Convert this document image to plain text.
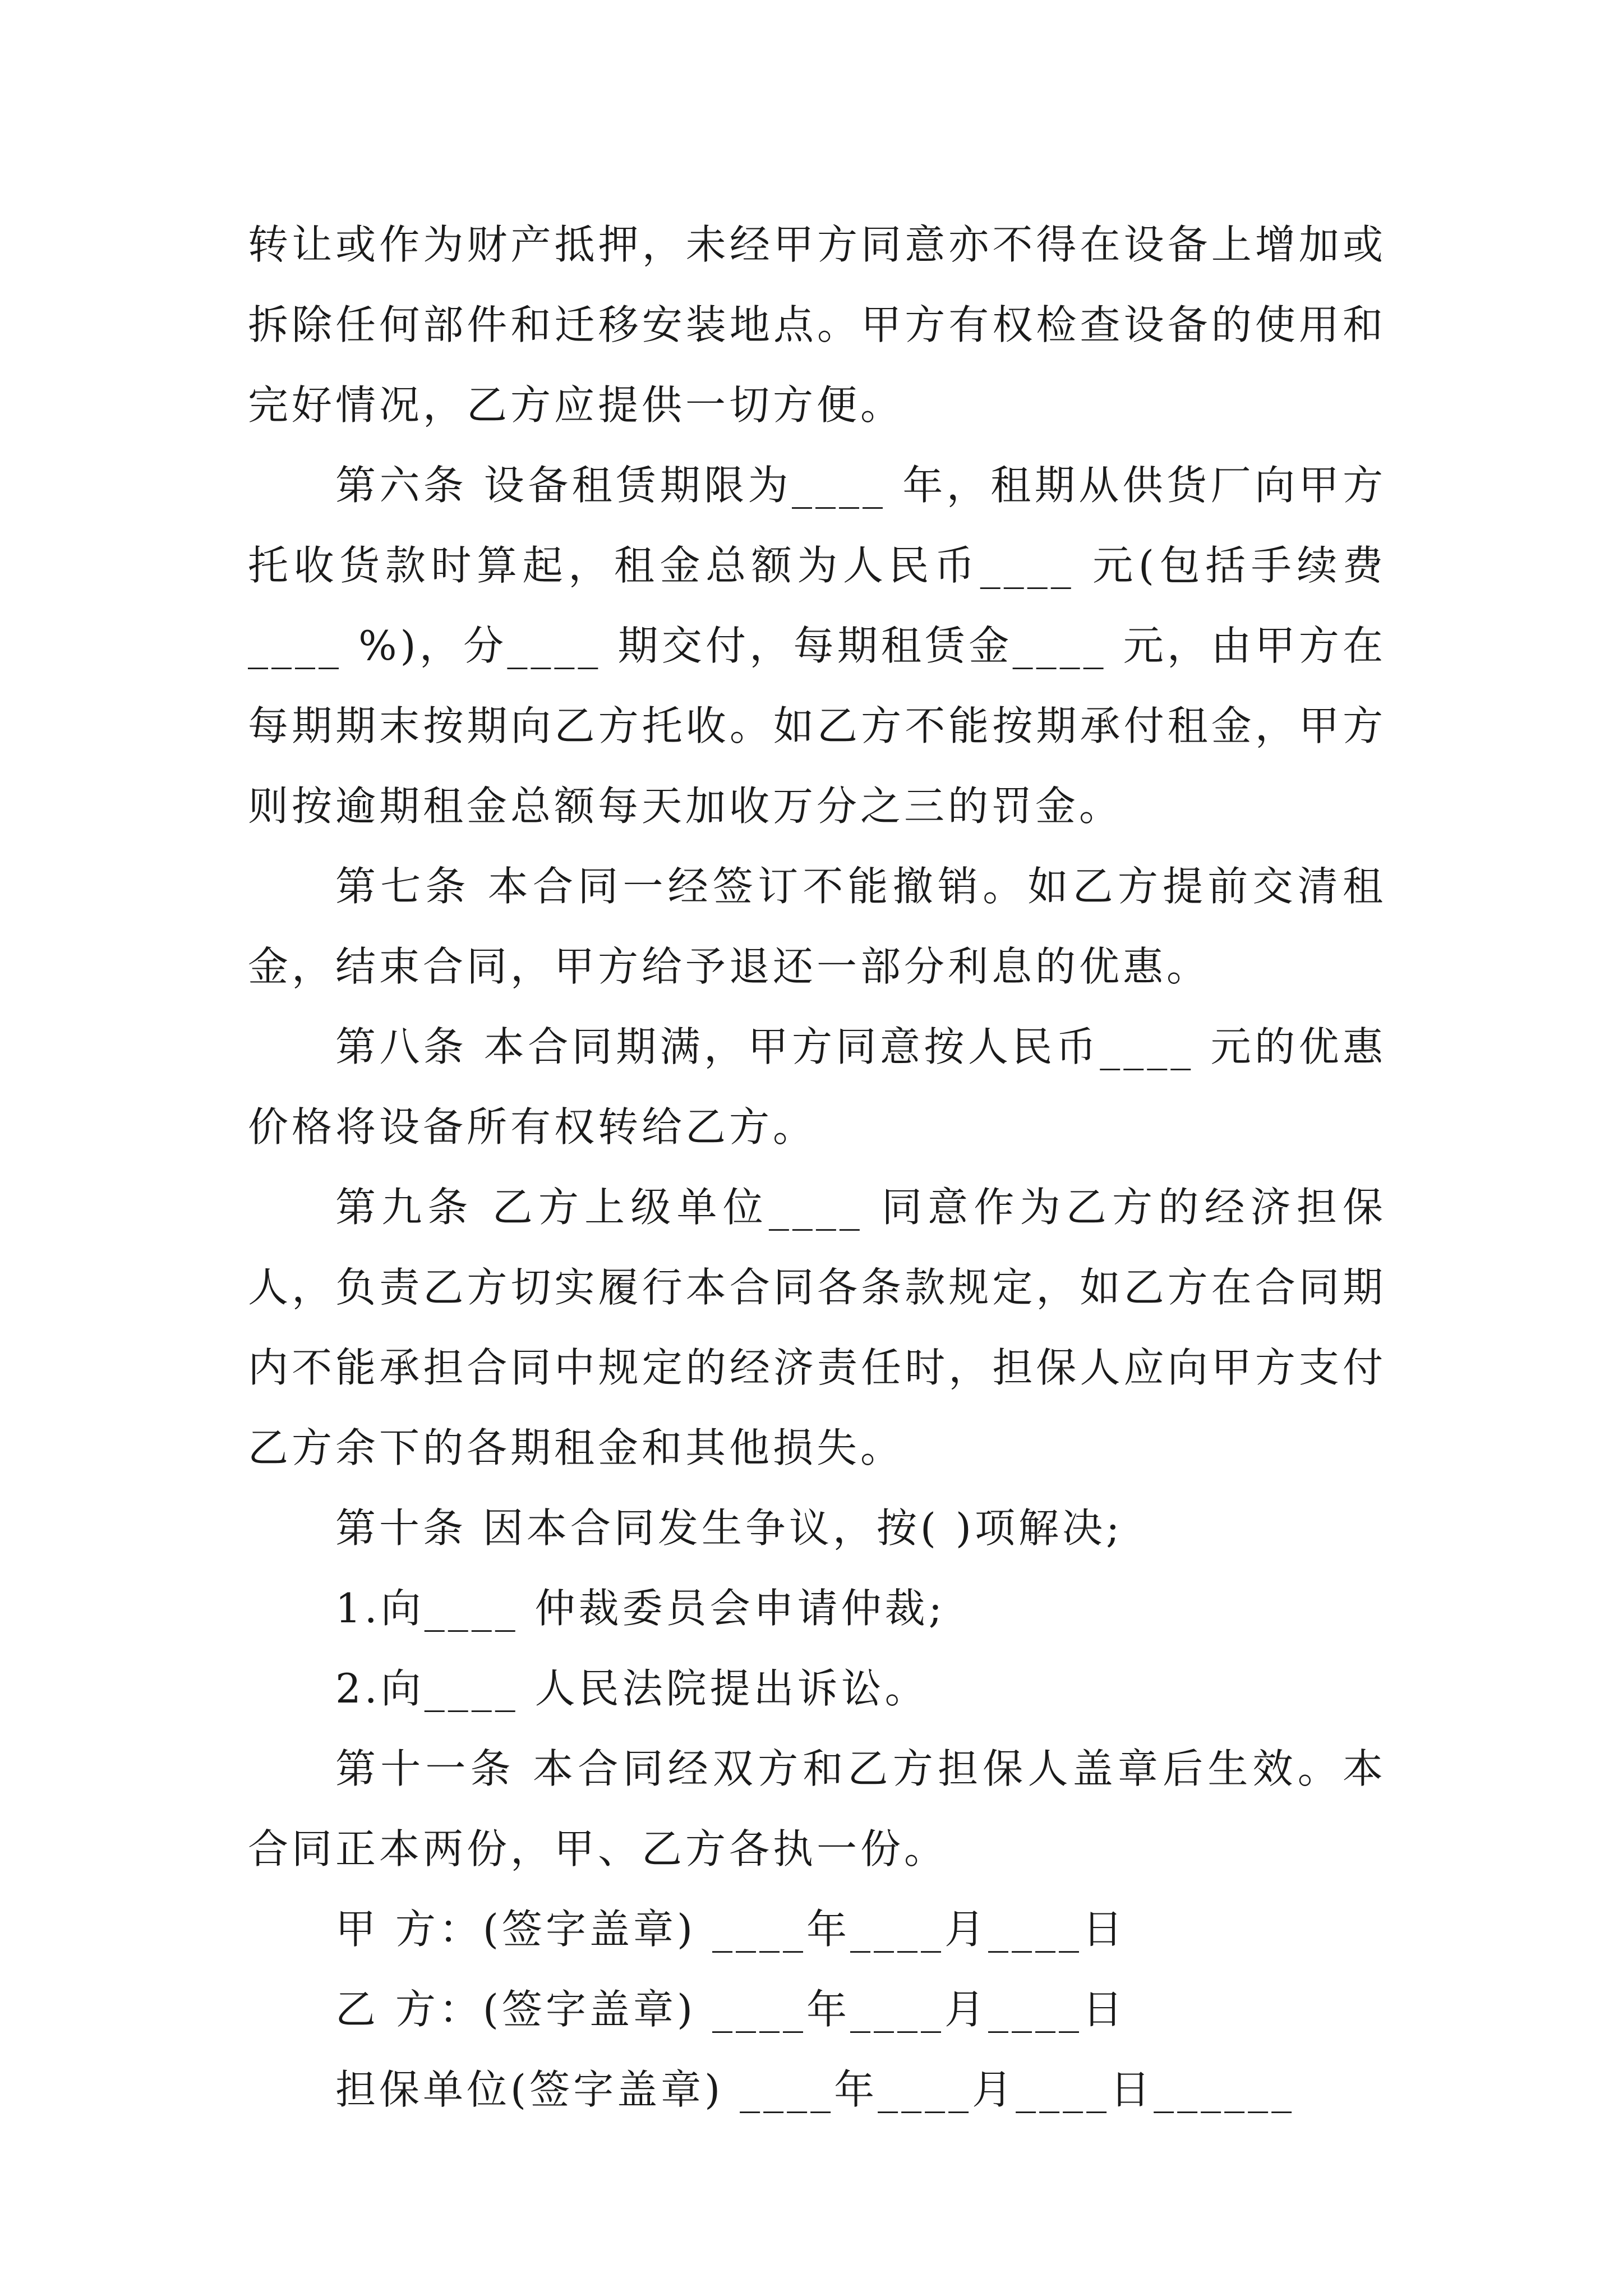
转让或作为财产抵押，未经甲方同意亦不得在设备上增加或拆除任何部件和迁移安装地点。甲方有权检查设备的使用和完好情况，乙方应提供一切方便。

第六条 设备租赁期限为____ 年，租期从供货厂向甲方托收货款时算起，租金总额为人民币____ 元(包括手续费____ %)，分____ 期交付，每期租赁金____ 元，由甲方在每期期末按期向乙方托收。如乙方不能按期承付租金，甲方则按逾期租金总额每天加收万分之三的罚金。

第七条 本合同一经签订不能撤销。如乙方提前交清租金，结束合同，甲方给予退还一部分利息的优惠。

第八条 本合同期满，甲方同意按人民币____ 元的优惠价格将设备所有权转给乙方。

第九条 乙方上级单位____ 同意作为乙方的经济担保人，负责乙方切实履行本合同各条款规定，如乙方在合同期内不能承担合同中规定的经济责任时，担保人应向甲方支付乙方余下的各期租金和其他损失。

第十条 因本合同发生争议，按( )项解决;

1.向____ 仲裁委员会申请仲裁;

2.向____ 人民法院提出诉讼。

第十一条 本合同经双方和乙方担保人盖章后生效。本合同正本两份，甲、乙方各执一份。

甲 方：(签字盖章) ____年____月____日

乙 方：(签字盖章) ____年____月____日

担保单位(签字盖章) ____年____月____日______
